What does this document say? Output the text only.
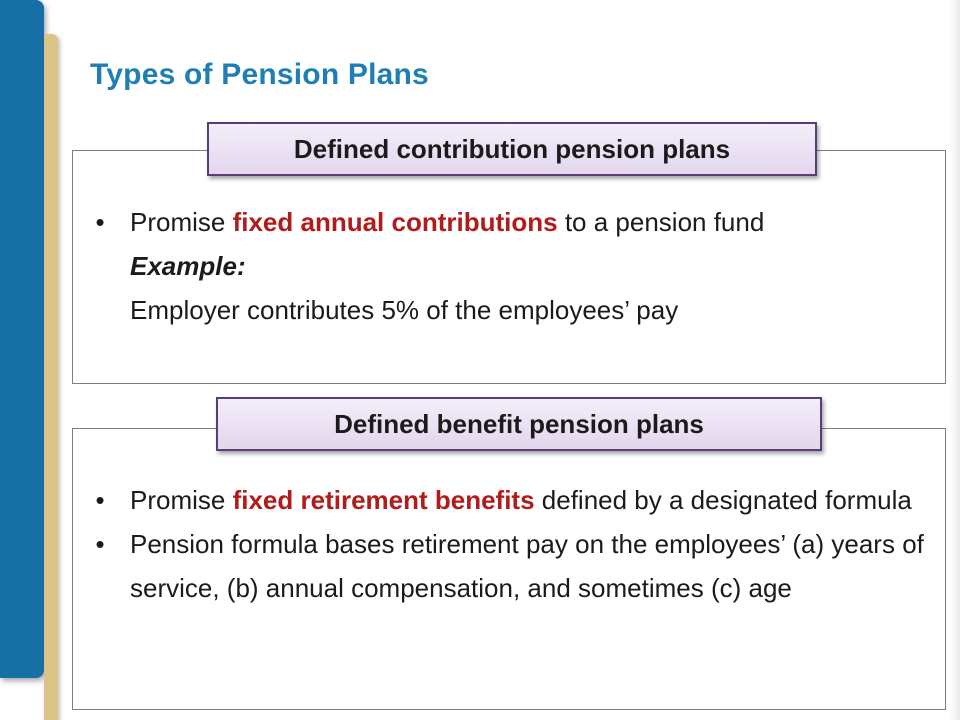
Types of Pension Plans
Defined contribution pension plans
• Promise fixed annual contributions to a pension fund
Example:
Employer contributes 5% of the employees’ pay
Defined benefit pension plans
• Promise fixed retirement benefits defined by a designated formula
• Pension formula bases retirement pay on the employees’ (a) years of service, (b) annual compensation, and sometimes (c) age
